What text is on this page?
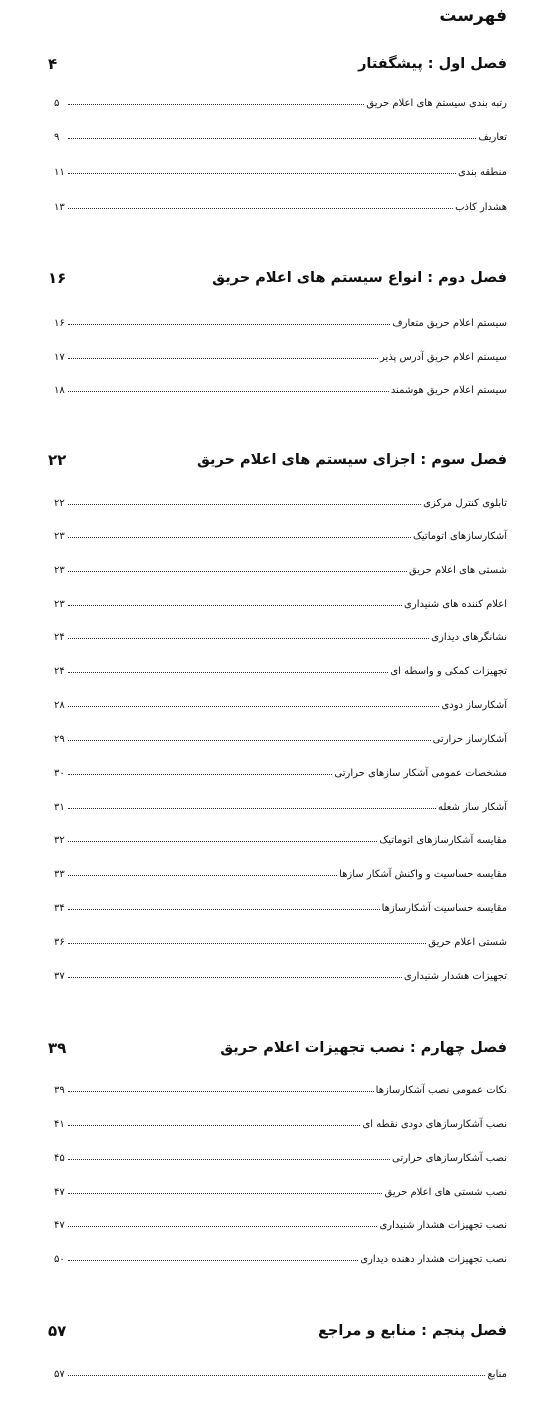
فهرست
فصل اول : پیشگفتار
۴
رتبه بندی سیستم های اعلام حریق
۵
تعاریف
۹
منطقه بندی
۱۱
هشدار کاذب
۱۳
فصل دوم : انواع سیستم های اعلام حریق
۱۶
سیستم اعلام حریق متعارف
۱۶
سیستم اعلام حریق آدرس پذیر
۱۷
سیستم اعلام حریق هوشمند
۱۸
فصل سوم : اجزای سیستم های اعلام حریق
۲۲
تابلوی کنترل مرکزی
۲۲
آشکارسازهای اتوماتیک
۲۳
شستی های اعلام حریق
۲۳
اعلام کننده های شنیداری
۲۳
نشانگرهای دیداری
۲۴
تجهیزات کمکی و واسطه ای
۲۴
آشکارساز دودی
۲۸
آشکارساز حرارتی
۲۹
مشخصات عمومی آشکار سازهای حرارتی
۳۰
آشکار ساز شعله
۳۱
مقایسه آشکارسازهای اتوماتیک
۳۲
مقایسه حساسیت و واکنش آشکار سازها
۳۳
مقایسه حساسیت آشکارسازها
۳۴
شستی اعلام حریق
۳۶
تجهیزات هشدار شنیداری
۳۷
فصل چهارم : نصب تجهیزات اعلام حریق
۳۹
نکات عمومی نصب آشکارسازها
۳۹
نصب آشکارسازهای دودی نقطه ای
۴۱
نصب آشکارسازهای حرارتی
۴۵
نصب شستی های اعلام حریق
۴۷
نصب تجهیزات هشدار شنیداری
۴۷
نصب تجهیزات هشدار دهنده دیداری
۵۰
فصل پنجم : منابع و مراجع
۵۷
منابع
۵۷
